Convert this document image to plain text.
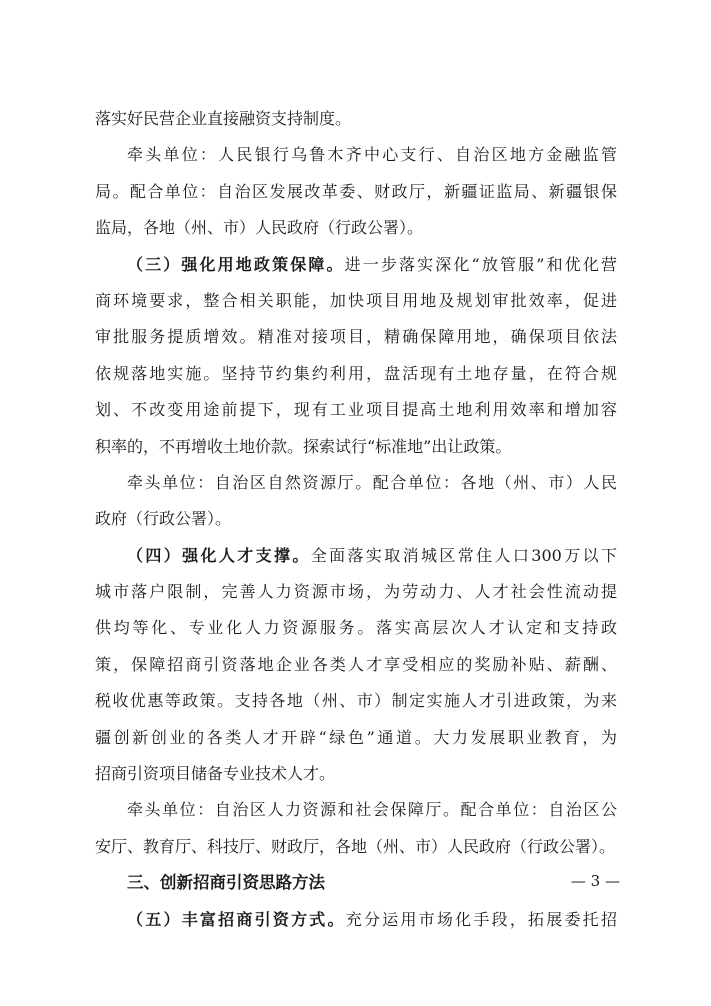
落实好民营企业直接融资支持制度。
牵头单位：人民银行乌鲁木齐中心支行、自治区地方金融监管
局。配合单位：自治区发展改革委、财政厅，新疆证监局、新疆银保
监局，各地（州、市）人民政府（行政公署）。
（三）强化用地政策保障。进一步落实深化“放管服”和优化营
商环境要求，整合相关职能，加快项目用地及规划审批效率，促进
审批服务提质增效。精准对接项目，精确保障用地，确保项目依法
依规落地实施。坚持节约集约利用，盘活现有土地存量，在符合规
划、不改变用途前提下，现有工业项目提高土地利用效率和增加容
积率的，不再增收土地价款。探索试行“标准地”出让政策。
牵头单位：自治区自然资源厅。配合单位：各地（州、市）人民
政府（行政公署）。
（四）强化人才支撑。全面落实取消城区常住人口300万以下
城市落户限制，完善人力资源市场，为劳动力、人才社会性流动提
供均等化、专业化人力资源服务。落实高层次人才认定和支持政
策，保障招商引资落地企业各类人才享受相应的奖励补贴、薪酬、
税收优惠等政策。支持各地（州、市）制定实施人才引进政策，为来
疆创新创业的各类人才开辟“绿色”通道。大力发展职业教育，为
招商引资项目储备专业技术人才。
牵头单位：自治区人力资源和社会保障厅。配合单位：自治区公
安厅、教育厅、科技厅、财政厅，各地（州、市）人民政府（行政公署）。
三、创新招商引资思路方法
（五）丰富招商引资方式。充分运用市场化手段，拓展委托招
— 3 —
